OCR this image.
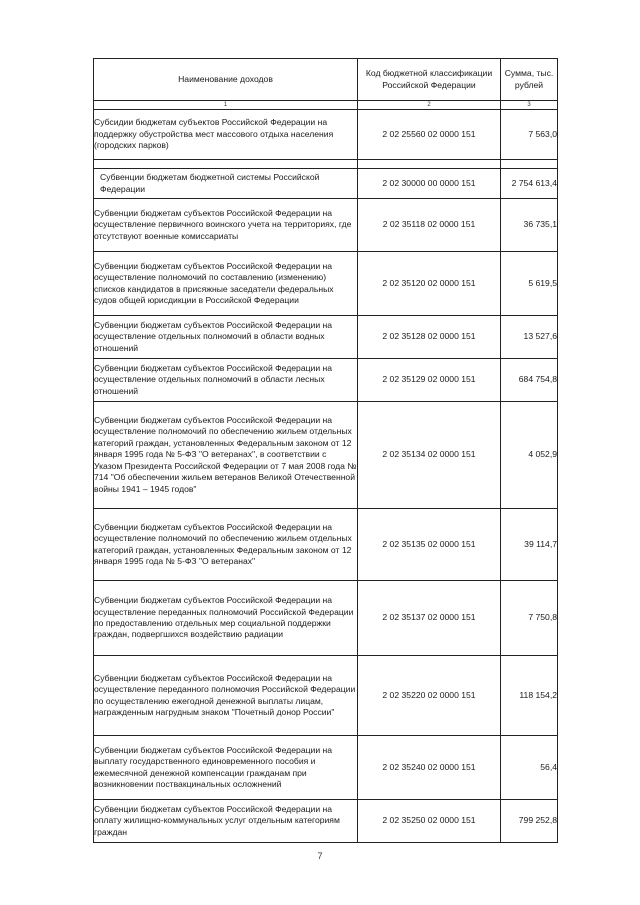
Наименование доходов	Код бюджетной классификации Российской Федерации	Сумма, тыс. рублей
1	2	3
Субсидии бюджетам субъектов Российской Федерации на поддержку обустройства мест массового отдыха населения (городских парков)	2 02 25560 02 0000 151	7 563,0

Субвенции бюджетам бюджетной системы Российской Федерации	2 02 30000 00 0000 151	2 754 613,4
Субвенции бюджетам субъектов Российской Федерации на осуществление первичного воинского учета на территориях, где отсутствуют военные комиссариаты	2 02 35118 02 0000 151	36 735,1
Субвенции бюджетам субъектов Российской Федерации на осуществление полномочий по составлению (изменению) списков кандидатов в присяжные заседатели федеральных судов общей юрисдикции в Российской Федерации	2 02 35120 02 0000 151	5 619,5
Субвенции бюджетам субъектов Российской Федерации на осуществление отдельных полномочий в области водных отношений	2 02 35128 02 0000 151	13 527,6
Субвенции бюджетам субъектов Российской Федерации на осуществление отдельных полномочий в области лесных отношений	2 02 35129 02 0000 151	684 754,8
Субвенции бюджетам субъектов Российской Федерации на осуществление полномочий по обеспечению жильем отдельных категорий граждан, установленных Федеральным законом от 12 января 1995 года № 5-ФЗ "О ветеранах", в соответствии с Указом Президента Российской Федерации от 7 мая 2008 года № 714 "Об обеспечении жильем ветеранов Великой Отечественной войны 1941 – 1945 годов"	2 02 35134 02 0000 151	4 052,9
Субвенции бюджетам субъектов Российской Федерации на осуществление полномочий по обеспечению жильем отдельных категорий граждан, установленных Федеральным законом от 12 января 1995 года № 5-ФЗ "О ветеранах"	2 02 35135 02 0000 151	39 114,7
Субвенции бюджетам субъектов Российской Федерации на осуществление переданных полномочий Российской Федерации по предоставлению отдельных мер социальной поддержки граждан, подвергшихся воздействию радиации	2 02 35137 02 0000 151	7 750,8
Субвенции бюджетам субъектов Российской Федерации на осуществление переданного полномочия Российской Федерации по осуществлению ежегодной денежной выплаты лицам, награжденным нагрудным знаком "Почетный донор России"	2 02 35220 02 0000 151	118 154,2
Субвенции бюджетам субъектов Российской Федерации на выплату государственного единовременного пособия и ежемесячной денежной компенсации гражданам при возникновении поствакцинальных осложнений	2 02 35240 02 0000 151	56,4
Субвенции бюджетам субъектов Российской Федерации на оплату жилищно-коммунальных услуг отдельным категориям граждан	2 02 35250 02 0000 151	799 252,8
7
